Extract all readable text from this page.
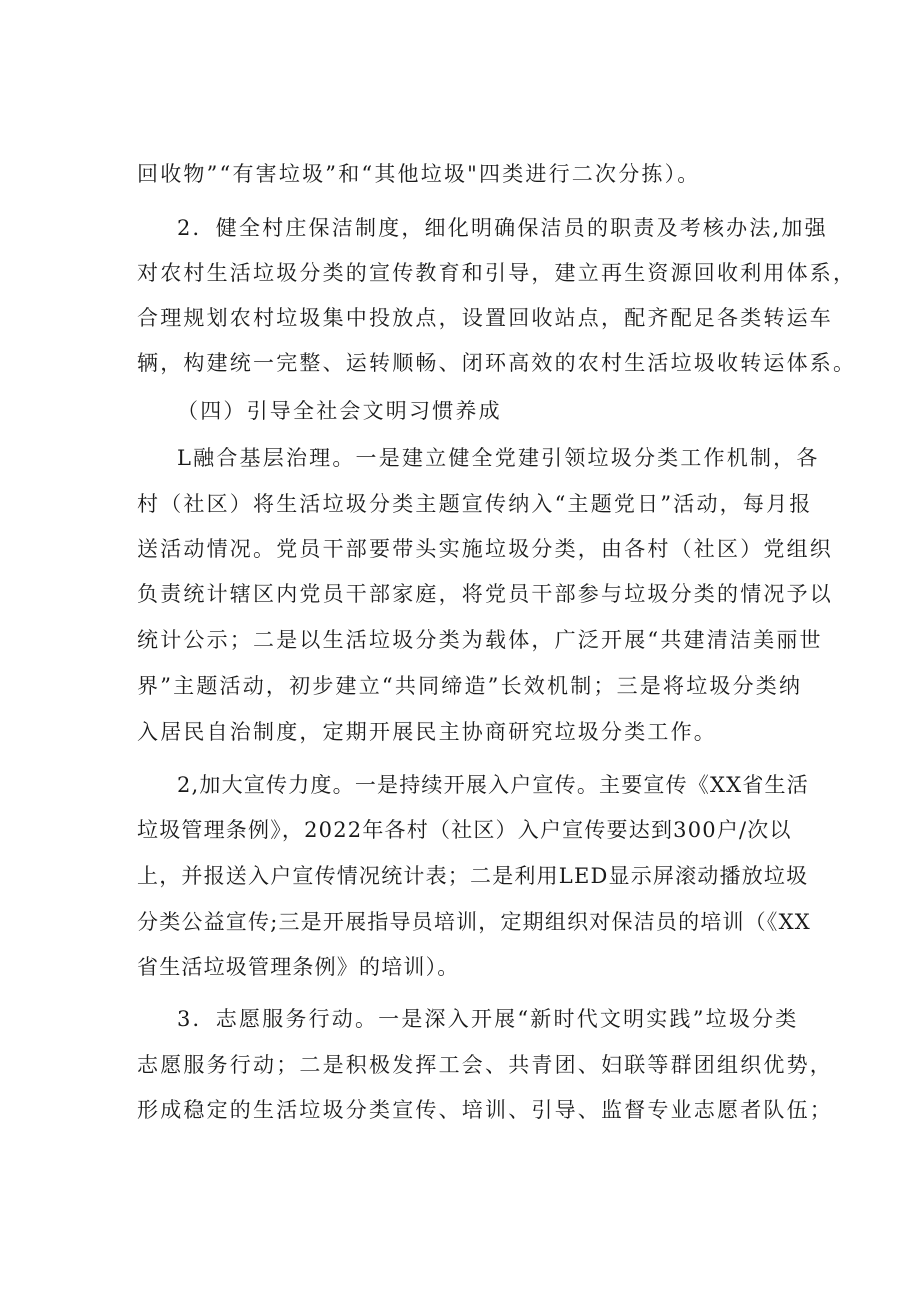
回收物”“有害垃圾”和“其他垃圾"四类进行二次分拣）。
2．健全村庄保洁制度，细化明确保洁员的职责及考核办法,加强
对农村生活垃圾分类的宣传教育和引导，建立再生资源回收利用体系，
合理规划农村垃圾集中投放点，设置回收站点，配齐配足各类转运车
辆，构建统一完整、运转顺畅、闭环高效的农村生活垃圾收转运体系。
（四）引导全社会文明习惯养成
L融合基层治理。一是建立健全党建引领垃圾分类工作机制，各
村（社区）将生活垃圾分类主题宣传纳入“主题党日”活动，每月报
送活动情况。党员干部要带头实施垃圾分类，由各村（社区）党组织
负责统计辖区内党员干部家庭，将党员干部参与垃圾分类的情况予以
统计公示；二是以生活垃圾分类为载体，广泛开展“共建清洁美丽世
界”主题活动，初步建立“共同缔造”长效机制；三是将垃圾分类纳
入居民自治制度，定期开展民主协商研究垃圾分类工作。
2,加大宣传力度。一是持续开展入户宣传。主要宣传《XX省生活
垃圾管理条例》，2022年各村（社区）入户宣传要达到300户/次以
上，并报送入户宣传情况统计表；二是利用LED显示屏滚动播放垃圾
分类公益宣传;三是开展指导员培训，定期组织对保洁员的培训（《XX
省生活垃圾管理条例》的培训）。
3．志愿服务行动。一是深入开展“新时代文明实践”垃圾分类
志愿服务行动；二是积极发挥工会、共青团、妇联等群团组织优势，
形成稳定的生活垃圾分类宣传、培训、引导、监督专业志愿者队伍；
